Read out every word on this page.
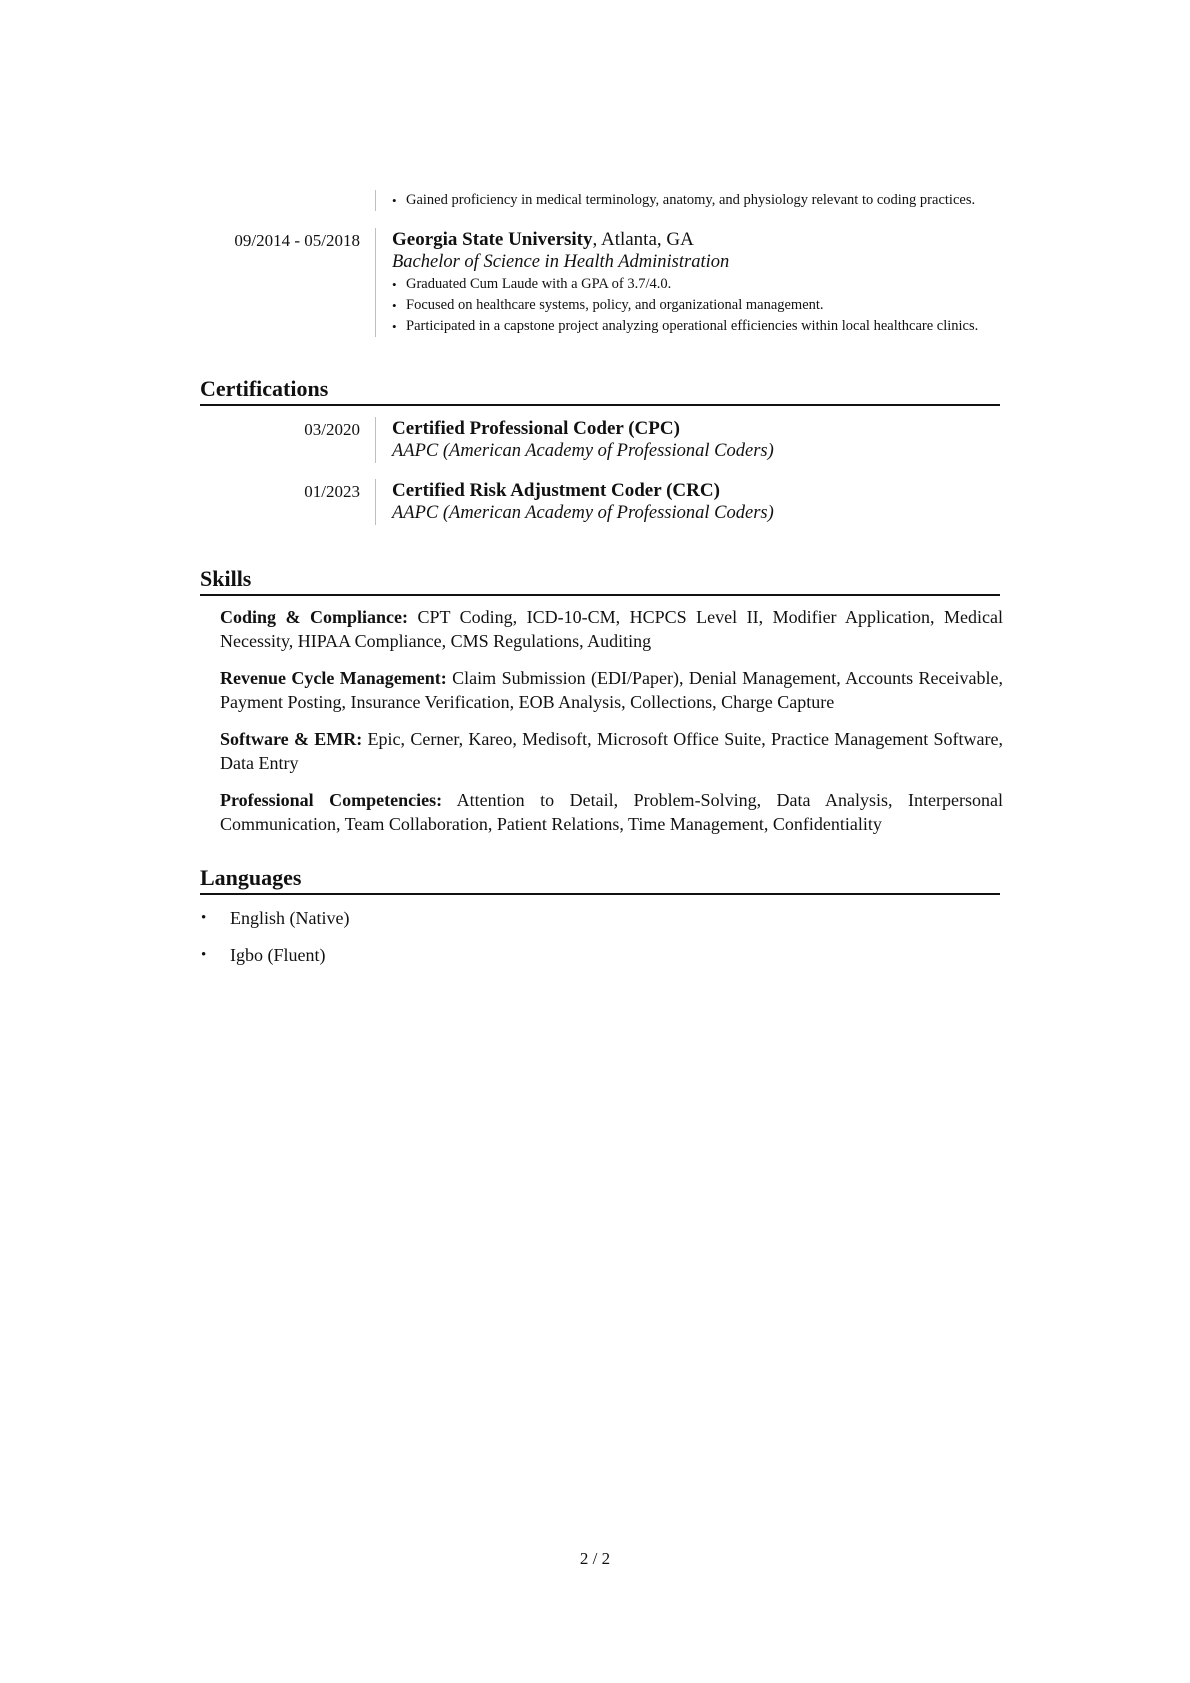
• Gained proficiency in medical terminology, anatomy, and physiology relevant to coding practices.
09/2014 - 05/2018	Georgia State University, Atlanta, GA
Bachelor of Science in Health Administration
• Graduated Cum Laude with a GPA of 3.7/4.0.
• Focused on healthcare systems, policy, and organizational management.
• Participated in a capstone project analyzing operational efficiencies within local healthcare clinics.
Certifications
03/2020	Certified Professional Coder (CPC)
AAPC (American Academy of Professional Coders)
01/2023	Certified Risk Adjustment Coder (CRC)
AAPC (American Academy of Professional Coders)
Skills
Coding & Compliance: CPT Coding, ICD-10-CM, HCPCS Level II, Modifier Application, Medical Necessity, HIPAA Compliance, CMS Regulations, Auditing
Revenue Cycle Management: Claim Submission (EDI/Paper), Denial Management, Accounts Receivable, Payment Posting, Insurance Verification, EOB Analysis, Collections, Charge Capture
Software & EMR: Epic, Cerner, Kareo, Medisoft, Microsoft Office Suite, Practice Management Software, Data Entry
Professional Competencies: Attention to Detail, Problem-Solving, Data Analysis, Interpersonal Communication, Team Collaboration, Patient Relations, Time Management, Confidentiality
Languages
• English (Native)
• Igbo (Fluent)
2 / 2
